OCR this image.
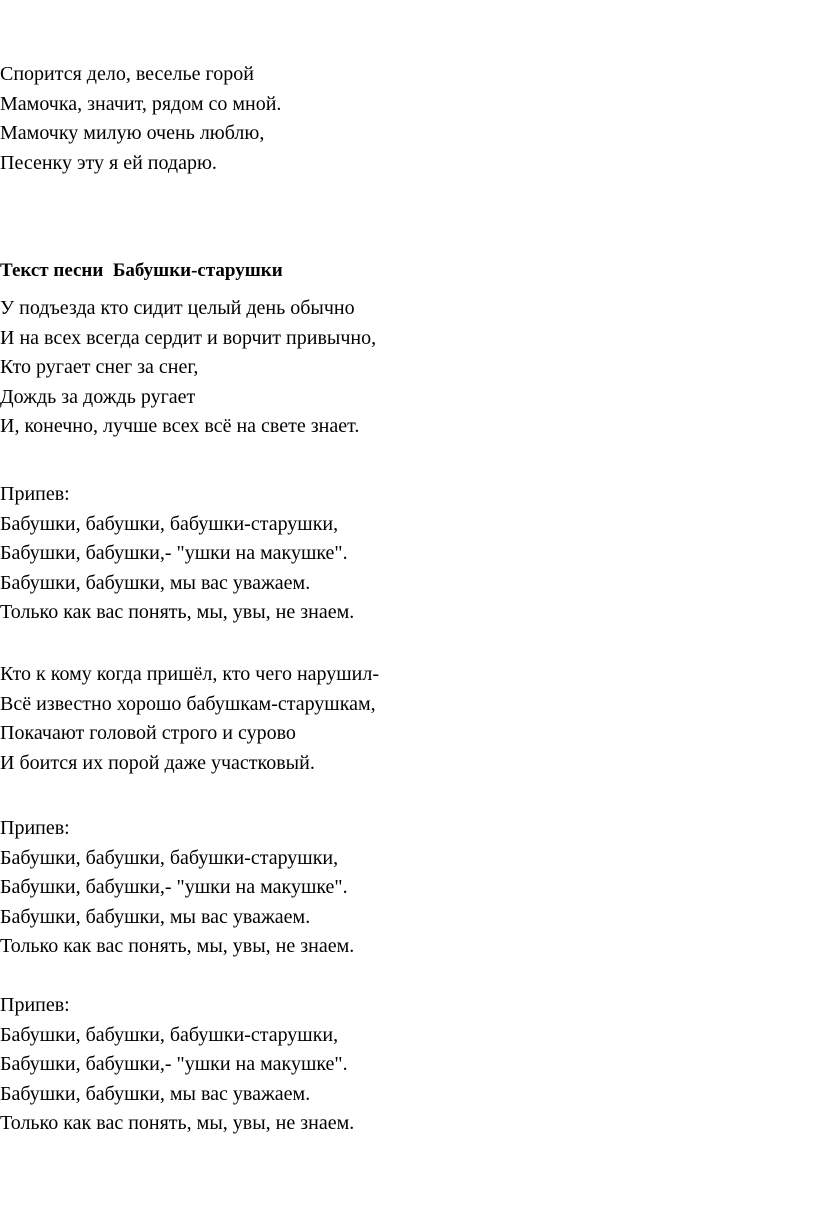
Спорится дело, веселье горой
Мамочка, значит, рядом со мной.
Мамочку милую очень люблю,
Песенку эту я ей подарю.
Текст песни  Бабушки-старушки
У подъезда кто сидит целый день обычно
И на всех всегда сердит и ворчит привычно,
Кто ругает снег за снег,
Дождь за дождь ругает
И, конечно, лучше всех всё на свете знает.
Припев:
Бабушки, бабушки, бабушки-старушки,
Бабушки, бабушки,- "ушки на макушке".
Бабушки, бабушки, мы вас уважаем.
Только как вас понять, мы, увы, не знаем.
Кто к кому когда пришёл, кто чего нарушил-
Всё известно хорошо бабушкам-старушкам,
Покачают головой строго и сурово
И боится их порой даже участковый.
Припев:
Бабушки, бабушки, бабушки-старушки,
Бабушки, бабушки,- "ушки на макушке".
Бабушки, бабушки, мы вас уважаем.
Только как вас понять, мы, увы, не знаем.
Припев:
Бабушки, бабушки, бабушки-старушки,
Бабушки, бабушки,- "ушки на макушке".
Бабушки, бабушки, мы вас уважаем.
Только как вас понять, мы, увы, не знаем.
